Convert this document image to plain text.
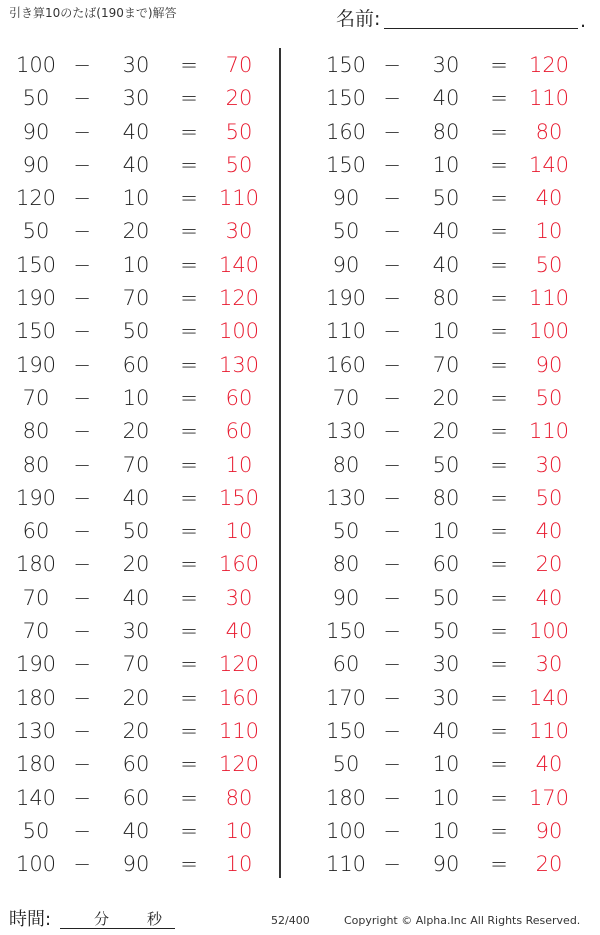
引き算10のたば(190まで)解答	名前:	.
100 −	30	=	70
50	−	30	=	20
90	−	40	=	50
90	−	40	=	50
120 −	10	=	110
50	−	20	=	30
150 −	10	=	140
190 −	70	=	120
150 −	50	=	100
190 −	60	=	130
70	−	10	=	60
80	−	20	=	60
80	−	70	=	10
190 −	40	=	150
60	−	50	=	10
180 −	20	=	160
70	−	40	=	30
70	−	30	=	40
190 −	70	=	120
180 −	20	=	160
130 −	20	=	110
180 −	60	=	120
140 −	60	=	80
50	−	40	=	10
100 −	90	=	10
150 −	30	=	120
150 −	40	=	110
160 −	80	=	80
150 −	10	=	140
90	−	50	=	40
50	−	40	=	10
90	−	40	=	50
190 −	80	=	110
110 −	10	=	100
160 −	70	=	90
70	−	20	=	50
130 −	20	=	110
80	−	50	=	30
130 −	80	=	50
50	−	10	=	40
80	−	60	=	20
90	−	50	=	40
150 −	50	=	100
60	−	30	=	30
170 −	30	=	140
150 −	40	=	110
50	−	10	=	40
180 −	10	=	170
100 −	10	=	90
110 −	90	=	20
時間:	分	秒	52/400	Copyright © Alpha.Inc All Rights Reserved.
